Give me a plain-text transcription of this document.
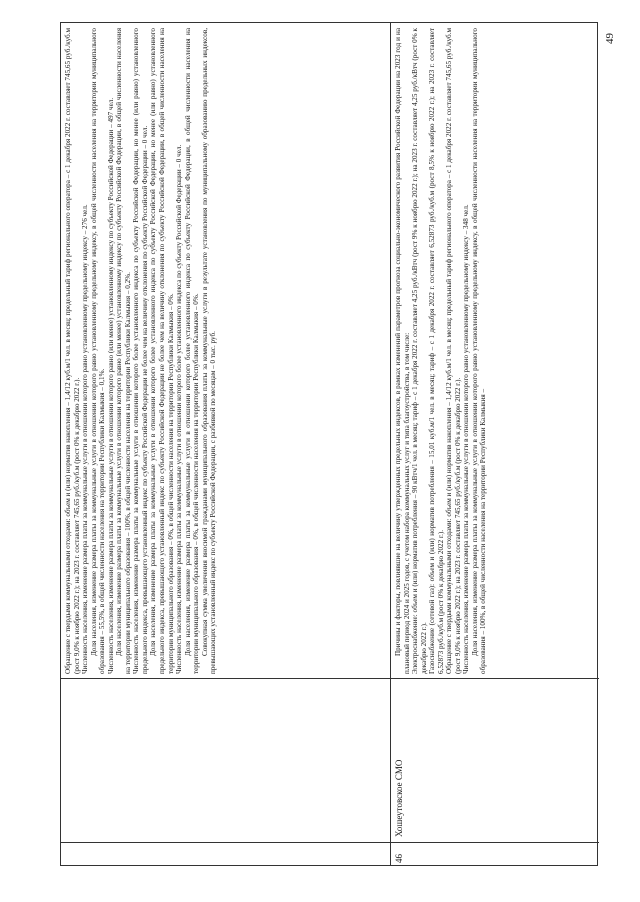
Обращение с твердыми коммунальными отходами: объем и (или) норматив накопления – 1,4/12 куб.м/1 чел. в месяц; предельный тариф регионального оператора – с 1 декабря 2022 г. составляет 745,65 руб./куб.м (рост 9,0% к ноябрю 2022 г.); на 2023 г. составляет 745,65 руб./куб.м (рост 0% к декабрю 2022 г.). Численность населения, изменение размера платы за коммунальные услуги в отношении которого равно установленному предельному индексу – 276 чел. Доля населения, изменение размера платы за коммунальные услуги в отношении которого равно установленному предельному индексу, в общей численности населения на территории муниципального образования – 55,5%, в общей численности населения на территории Республики Калмыкия – 0,1%. Численность населения, изменение размера платы за коммунальные услуги в отношении которого равно (или менее) установленному индексу по субъекту Российской Федерации – 497 чел. Доля населения, изменение размера платы за коммунальные услуги в отношении которого равно (или менее) установленному индексу по субъекту Российской Федерации, в общей численности населения на территории муниципального образования – 100%, в общей численности населения на территории Республики Калмыкия – 0,2%. Численность населения, изменение размера платы за коммунальные услуги в отношении которого более установленного индекса по субъекту Российской Федерации, но менее (или равно) установленного предельного индекса, превышающего установленный индекс по субъекту Российской Федерации не более чем на величину отклонения по субъекту Российской Федерации – 0 чел. Доля населения, изменение размера платы за коммунальные услуги в отношении которого более установленного индекса по субъекту Российской Федерации, но менее (или равно) установленного предельного индекса, превышающего установленный индекс по субъекту Российской Федерации не более чем на величину отклонения по субъекту Российской Федерации, в общей численности населения на территории муниципального образования – 0%, в общей численности населения на территории Республики Калмыкия – 0%. Численность населения, изменение размера платы за коммунальные услуги в отношении которого более установленного индекса по субъекту Российской Федерации – 0 чел. Доля населения, изменение размера платы за коммунальные услуги в отношении которого более установленного индекса по субъекту Российской Федерации, в общей численности населения на территории муниципального образования – 0%, в общей численности населения на территории Республики Калмыкия – 0%. Совокупная сумма увеличения вносимой гражданами муниципального образования платы за коммунальные услуги в результате установления по муниципальному образованию предельных индексов, превышающих установленный индекс по субъекту Российской Федерации, с разбивкой по месяцам – 0 тыс. руб.

46
Хошеутовское СМО

Причины и факторы, повлиявшие на величину утвержденных предельных индексов, в рамках изменений параметров прогноза социально-экономического развития Российской Федерации на 2023 год и на плановый период 2024 и 2025 годов, с учетом набора коммунальных услуг и типа благоустройства, в том числе: Электроснабжение: объем и (или) норматив потребления – 90 кВтч/1 чел. в месяц; тариф – с 1 декабря 2022 г. составляет 4,25 руб./кВтч (рост 9% к ноябрю 2022 г.); на 2023 г. составляет 4,25 руб./кВтч (рост 0% к декабрю 2022 г.). Газоснабжение (сетевой газ): объем и (или) норматив потребления – 15,01 куб.м/1 чел. в месяц; тариф – с 1 декабря 2022 г. составляет 6,52873 руб./куб.м (рост 8,5% к ноябрю 2022 г.); на 2023 г. составляет 6,52873 руб./куб.м (рост 0% к декабрю 2022 г.). Обращение с твердыми коммунальными отходами: объем и (или) норматив накопления – 1,4/12 куб.м/1 чел. в месяц; предельный тариф регионального оператора – с 1 декабря 2022 г. составляет 745,65 руб./куб.м (рост 9,0% к ноябрю 2022 г.); на 2023 г. составляет 745,65 руб./куб.м (рост 0% к декабрю 2022 г.). Численность населения, изменение размера платы за коммунальные услуги в отношении которого равно установленному предельному индексу – 348 чел. Доля населения, изменение размера платы за коммунальные услуги в отношении которого равно установленному предельному индексу, в общей численности населения на территории муниципального образования – 100%, в общей численности населения на территории Республики Калмыкия –

49
